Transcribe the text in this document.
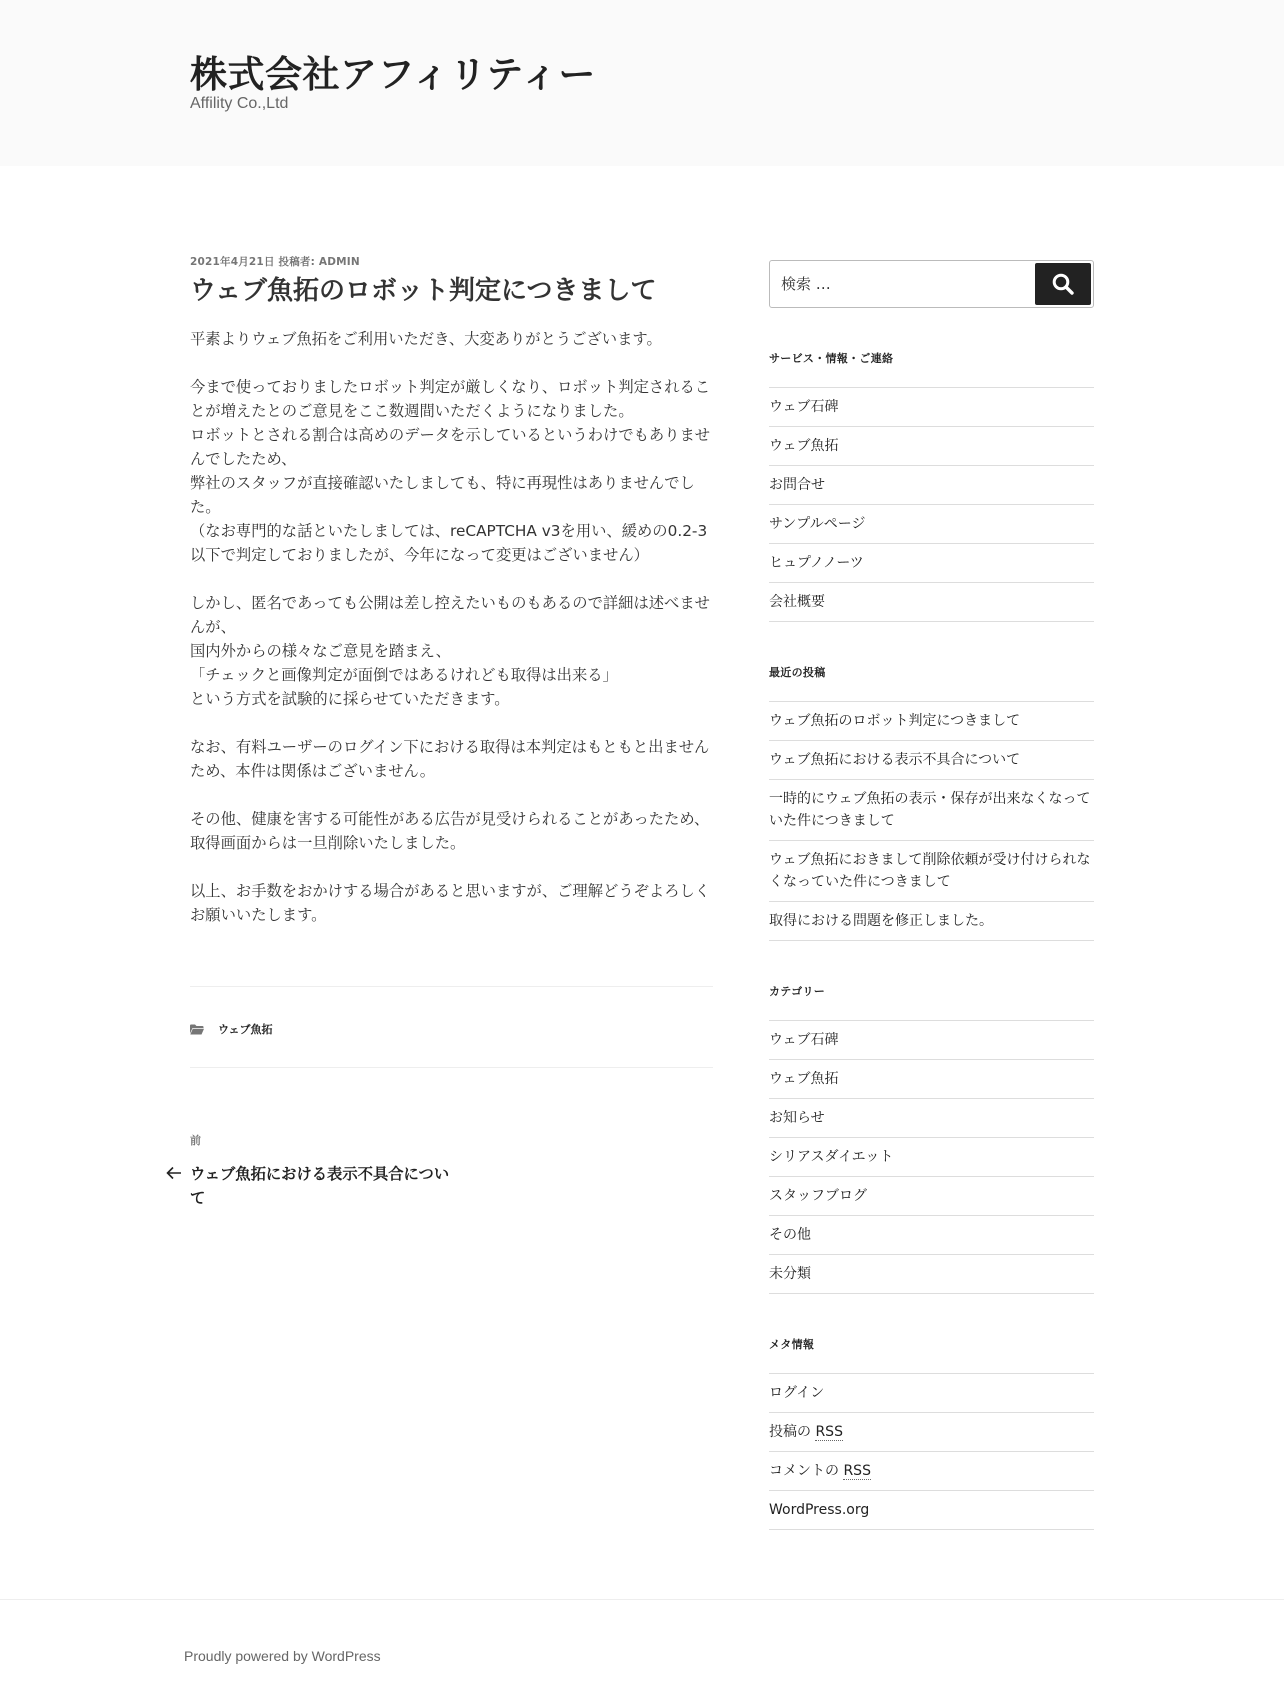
株式会社アフィリティー
Affility Co.,Ltd
2021年4月21日 投稿者: ADMIN
ウェブ魚拓のロボット判定につきまして

平素よりウェブ魚拓をご利用いただき、大変ありがとうございます。

今まで使っておりましたロボット判定が厳しくなり、ロボット判定されることが増えたとのご意見をここ数週間いただくようになりました。
ロボットとされる割合は高めのデータを示しているというわけでもありませんでしたため、
弊社のスタッフが直接確認いたしましても、特に再現性はありませんでした。
（なお専門的な話といたしましては、reCAPTCHA v3を用い、緩めの0.2-3以下で判定しておりましたが、今年になって変更はございません）

しかし、匿名であっても公開は差し控えたいものもあるので詳細は述べませんが、
国内外からの様々なご意見を踏まえ、
「チェックと画像判定が面倒ではあるけれども取得は出来る」
という方式を試験的に採らせていただきます。

なお、有料ユーザーのログイン下における取得は本判定はもともと出ませんため、本件は関係はございません。

その他、健康を害する可能性がある広告が見受けられることがあったため、取得画面からは一旦削除いたしました。

以上、お手数をおかけする場合があると思いますが、ご理解どうぞよろしくお願いいたします。

ウェブ魚拓
前
ウェブ魚拓における表示不具合について
検索 …
サービス・情報・ご連絡
ウェブ石碑
ウェブ魚拓
お問合せ
サンプルページ
ヒュプノノーツ
会社概要
最近の投稿
ウェブ魚拓のロボット判定につきまして
ウェブ魚拓における表示不具合について
一時的にウェブ魚拓の表示・保存が出来なくなっていた件につきまして
ウェブ魚拓におきまして削除依頼が受け付けられなくなっていた件につきまして
取得における問題を修正しました。
カテゴリー
ウェブ石碑
ウェブ魚拓
お知らせ
シリアスダイエット
スタッフブログ
その他
未分類
メタ情報
ログイン
投稿の RSS
コメントの RSS
WordPress.org
Proudly powered by WordPress
